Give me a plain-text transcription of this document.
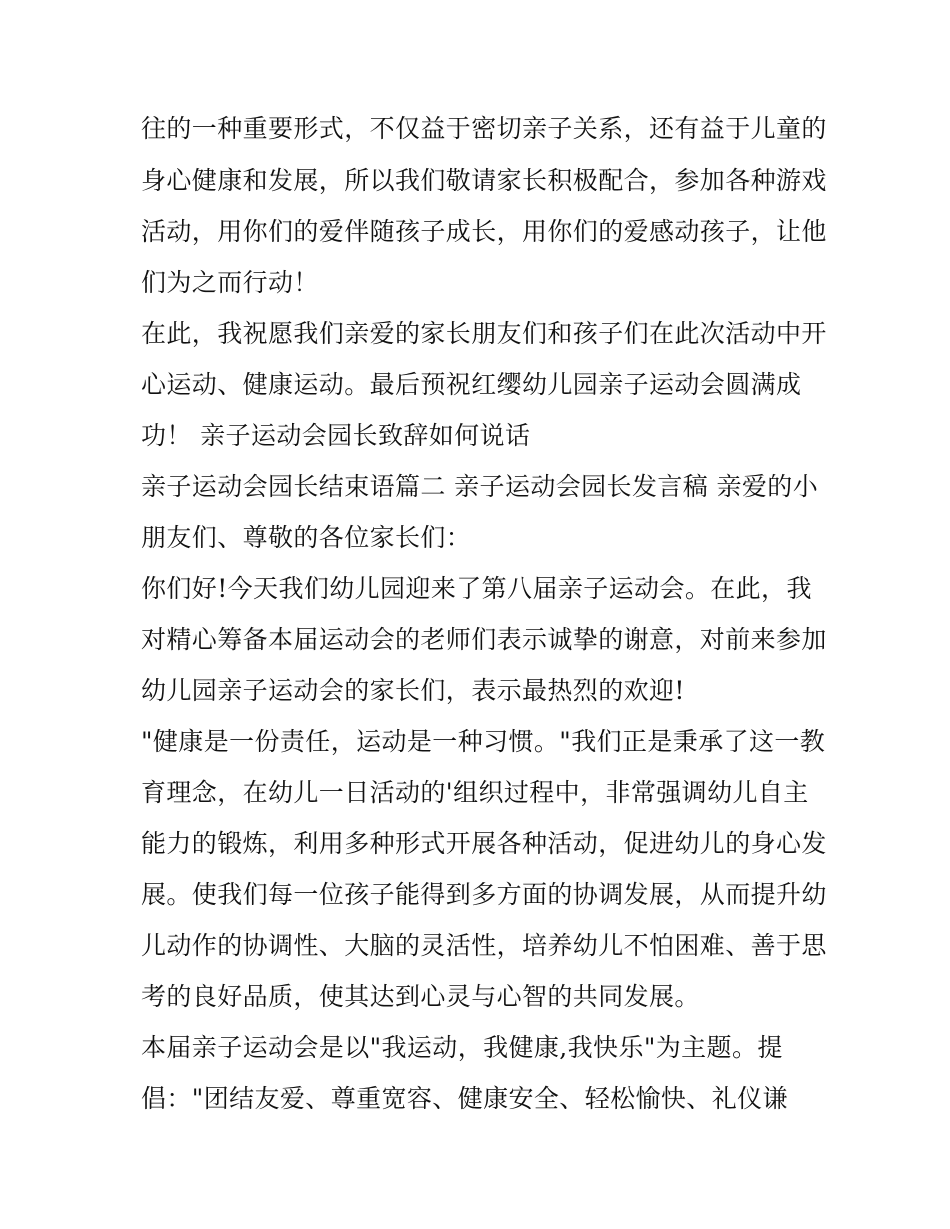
往的一种重要形式，不仅益于密切亲子关系，还有益于儿童的
身心健康和发展，所以我们敬请家长积极配合，参加各种游戏
活动，用你们的爱伴随孩子成长，用你们的爱感动孩子，让他
们为之而行动！
在此，我祝愿我们亲爱的家长朋友们和孩子们在此次活动中开
心运动、健康运动。最后预祝红缨幼儿园亲子运动会圆满成
功！ 亲子运动会园长致辞如何说话
亲子运动会园长结束语篇二 亲子运动会园长发言稿 亲爱的小
朋友们、尊敬的各位家长们：
你们好!今天我们幼儿园迎来了第八届亲子运动会。在此，我
对精心筹备本届运动会的老师们表示诚挚的谢意，对前来参加
幼儿园亲子运动会的家长们，表示最热烈的欢迎!
"健康是一份责任，运动是一种习惯。"我们正是秉承了这一教
育理念，在幼儿一日活动的'组织过程中，非常强调幼儿自主
能力的锻炼，利用多种形式开展各种活动，促进幼儿的身心发
展。使我们每一位孩子能得到多方面的协调发展，从而提升幼
儿动作的协调性、大脑的灵活性，培养幼儿不怕困难、善于思
考的良好品质，使其达到心灵与心智的共同发展。
本届亲子运动会是以"我运动，我健康,我快乐"为主题。提
倡："团结友爱、尊重宽容、健康安全、轻松愉快、礼仪谦
